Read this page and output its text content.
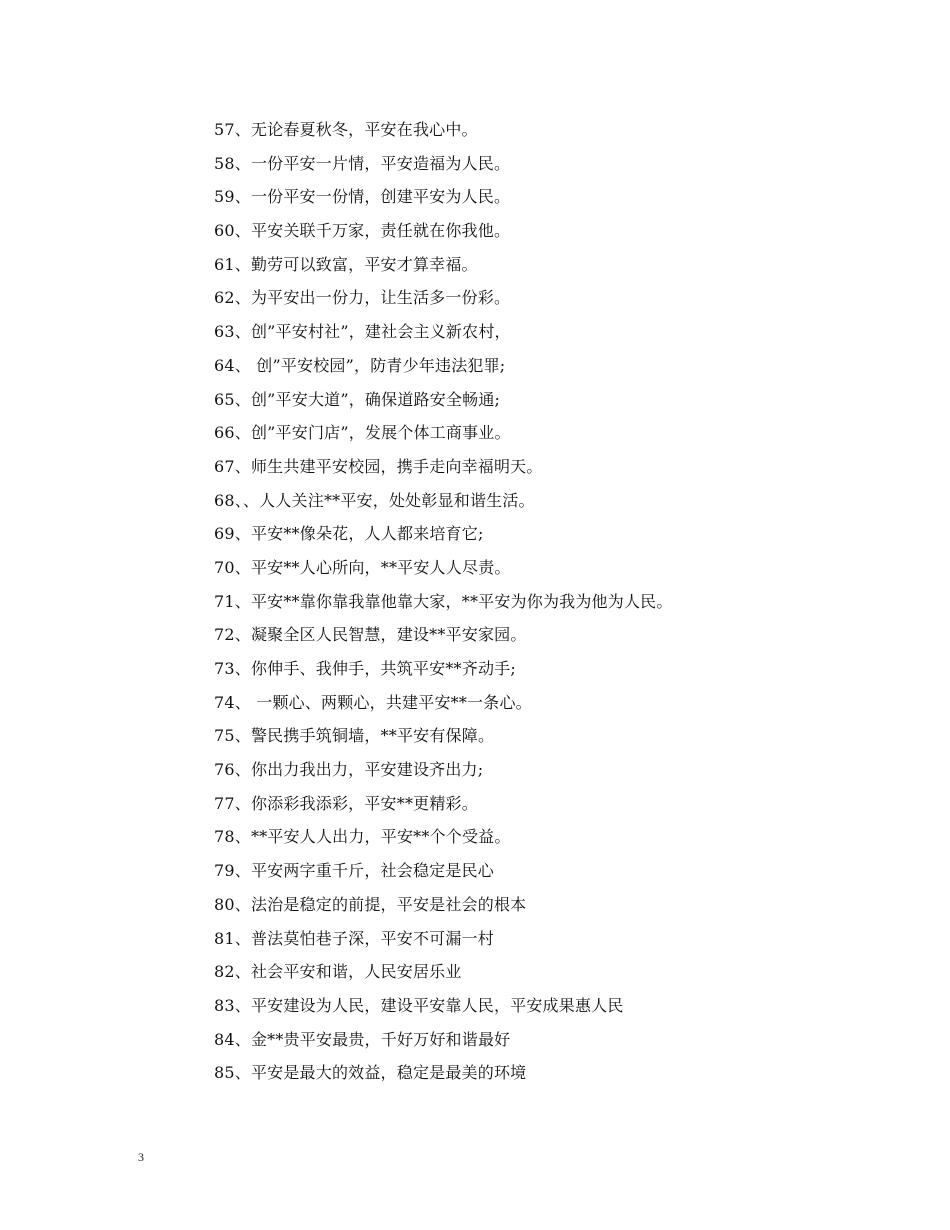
57、无论春夏秋冬，平安在我心中。
58、一份平安一片情，平安造福为人民。
59、一份平安一份情，创建平安为人民。
60、平安关联千万家，责任就在你我他。
61、勤劳可以致富，平安才算幸福。
62、为平安出一份力，让生活多一份彩。
63、创”平安村社”，建社会主义新农村，
64、 创”平安校园”，防青少年违法犯罪;
65、创”平安大道”，确保道路安全畅通;
66、创”平安门店”，发展个体工商事业。
67、师生共建平安校园，携手走向幸福明天。
68、、人人关注**平安，处处彰显和谐生活。
69、平安**像朵花，人人都来培育它;
70、平安**人心所向，**平安人人尽责。
71、平安**靠你靠我靠他靠大家，**平安为你为我为他为人民。
72、凝聚全区人民智慧，建设**平安家园。
73、你伸手、我伸手，共筑平安**齐动手;
74、 一颗心、两颗心，共建平安**一条心。
75、警民携手筑铜墙，**平安有保障。
76、你出力我出力，平安建设齐出力;
77、你添彩我添彩，平安**更精彩。
78、**平安人人出力，平安**个个受益。
79、平安两字重千斤，社会稳定是民心
80、法治是稳定的前提，平安是社会的根本
81、普法莫怕巷子深，平安不可漏一村
82、社会平安和谐，人民安居乐业
83、平安建设为人民，建设平安靠人民，平安成果惠人民
84、金**贵平安最贵，千好万好和谐最好
85、平安是最大的效益，稳定是最美的环境
3
